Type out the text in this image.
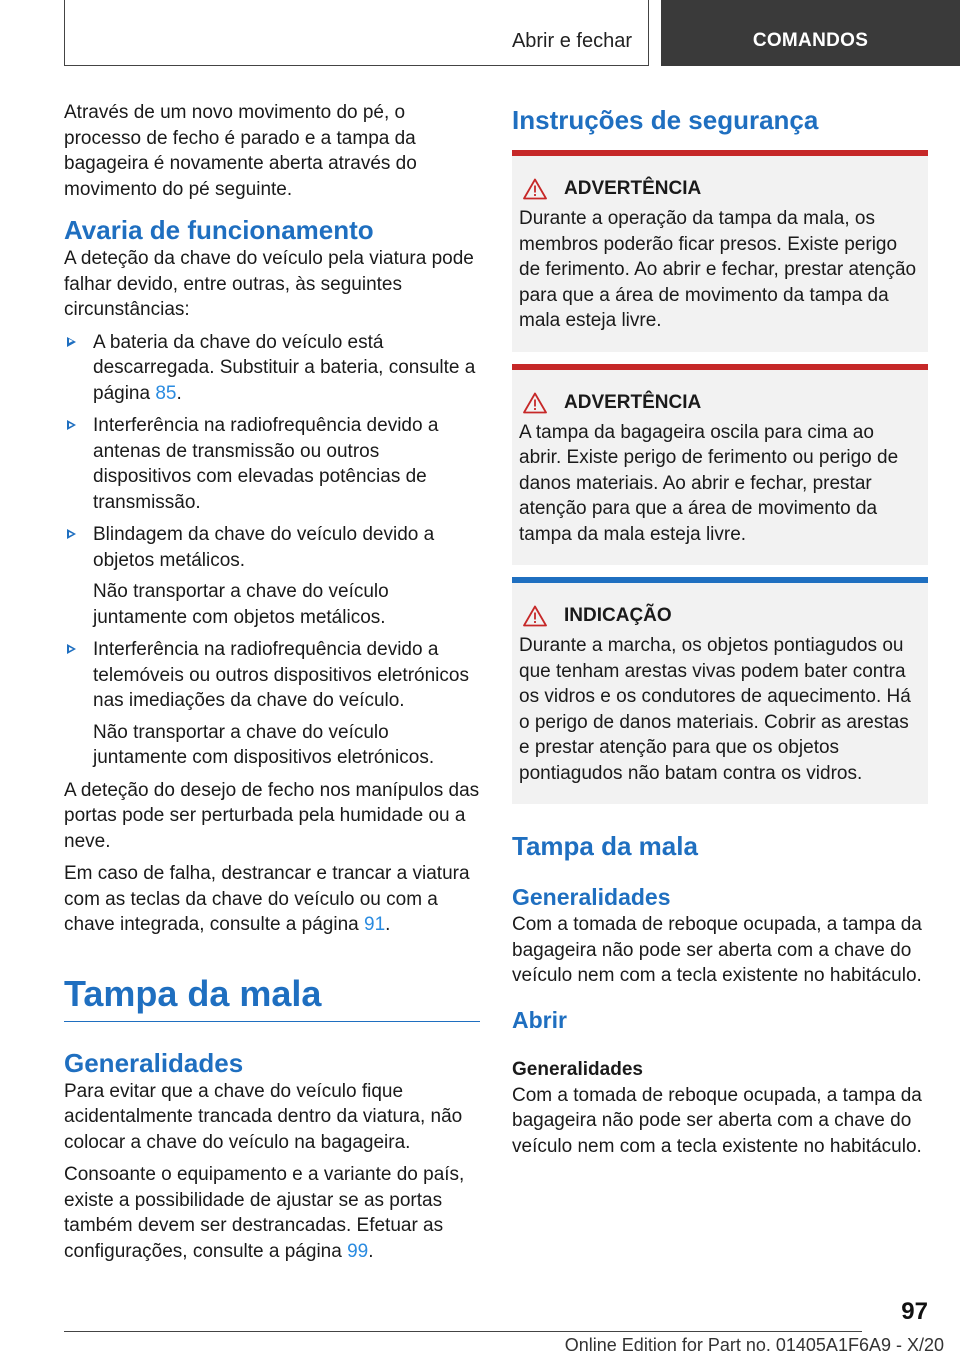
Abrir e fechar	COMANDOS

Através de um novo movimento do pé, o processo de fecho é parado e a tampa da bagageira é novamente aberta através do movimento do pé seguinte.

Avaria de funcionamento

A deteção da chave do veículo pela viatura pode falhar devido, entre outras, às seguintes circunstâncias:

A bateria da chave do veículo está descarregada. Substituir a bateria, consulte a página 85.

Interferência na radiofrequência devido a antenas de transmissão ou outros dispositivos com elevadas potências de transmissão.

Blindagem da chave do veículo devido a objetos metálicos.

Não transportar a chave do veículo juntamente com objetos metálicos.

Interferência na radiofrequência devido a telemóveis ou outros dispositivos eletrónicos nas imediações da chave do veículo.

Não transportar a chave do veículo juntamente com dispositivos eletrónicos.

A deteção do desejo de fecho nos manípulos das portas pode ser perturbada pela humidade ou a neve.

Em caso de falha, destrancar e trancar a viatura com as teclas da chave do veículo ou com a chave integrada, consulte a página 91.

Tampa da mala
Generalidades

Para evitar que a chave do veículo fique acidentalmente trancada dentro da viatura, não colocar a chave do veículo na bagageira.

Consoante o equipamento e a variante do país, existe a possibilidade de ajustar se as portas também devem ser destrancadas. Efetuar as configurações, consulte a página 99.

Instruções de segurança
ADVERTÊNCIA

Durante a operação da tampa da mala, os membros poderão ficar presos. Existe perigo de ferimento. Ao abrir e fechar, prestar atenção para que a área de movimento da tampa da mala esteja livre.

ADVERTÊNCIA

A tampa da bagageira oscila para cima ao abrir. Existe perigo de ferimento ou perigo de danos materiais. Ao abrir e fechar, prestar atenção para que a área de movimento da tampa da mala esteja livre.

INDICAÇÃO

Durante a marcha, os objetos pontiagudos ou que tenham arestas vivas podem bater contra os vidros e os condutores de aquecimento. Há o perigo de danos materiais. Cobrir as arestas e prestar atenção para que os objetos pontiagudos não batam contra os vidros.

Tampa da mala
Generalidades

Com a tomada de reboque ocupada, a tampa da bagageira não pode ser aberta com a chave do veículo nem com a tecla existente no habitáculo.

Abrir
Generalidades

Com a tomada de reboque ocupada, a tampa da bagageira não pode ser aberta com a chave do veículo nem com a tecla existente no habitáculo.

97
Online Edition for Part no. 01405A1F6A9 - X/20
